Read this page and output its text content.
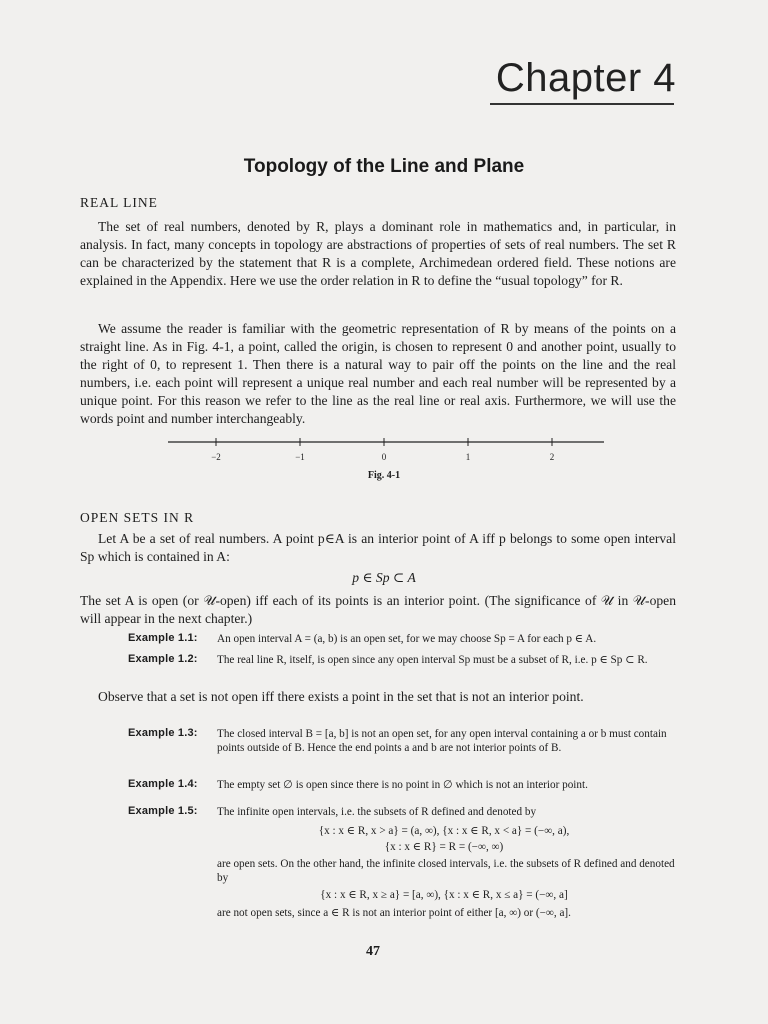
Chapter 4
Topology of the Line and Plane
REAL LINE

The set of real numbers, denoted by R, plays a dominant role in mathematics and, in particular, in analysis. In fact, many concepts in topology are abstractions of properties of sets of real numbers. The set R can be characterized by the statement that R is a complete, Archimedean ordered field. These notions are explained in the Appendix. Here we use the order relation in R to define the “usual topology” for R.

We assume the reader is familiar with the geometric representation of R by means of the points on a straight line. As in Fig. 4-1, a point, called the origin, is chosen to represent 0 and another point, usually to the right of 0, to represent 1. Then there is a natural way to pair off the points on the line and the real numbers, i.e. each point will represent a unique real number and each real number will be represented by a unique point. For this reason we refer to the line as the real line or real axis. Furthermore, we will use the words point and number interchangeably.

−2	−1	0	1	2
Fig. 4-1
OPEN SETS IN R

Let A be a set of real numbers. A point p∈A is an interior point of A iff p belongs to some open interval Sp which is contained in A:

p ∈ Sp ⊂ A

The set A is open (or 𝒰-open) iff each of its points is an interior point. (The significance of 𝒰 in 𝒰-open will appear in the next chapter.)

Example 1.1: An open interval A = (a, b) is an open set, for we may choose Sp = A for each p ∈ A.

Example 1.2: The real line R, itself, is open since any open interval Sp must be a subset of R, i.e. p ∈ Sp ⊂ R.

Observe that a set is not open iff there exists a point in the set that is not an interior point.

Example 1.3: The closed interval B = [a, b] is not an open set, for any open interval containing a or b must contain points outside of B. Hence the end points a and b are not interior points of B.

Example 1.4: The empty set ∅ is open since there is no point in ∅ which is not an interior point.

Example 1.5: The infinite open intervals, i.e. the subsets of R defined and denoted by

{x : x ∈ R, x > a} = (a, ∞), {x : x ∈ R, x < a} = (−∞, a),
{x : x ∈ R} = R = (−∞, ∞)

are open sets. On the other hand, the infinite closed intervals, i.e. the subsets of R defined and denoted by

{x : x ∈ R, x ≥ a} = [a, ∞), {x : x ∈ R, x ≤ a} = (−∞, a]

are not open sets, since a ∈ R is not an interior point of either [a, ∞) or (−∞, a].

47
